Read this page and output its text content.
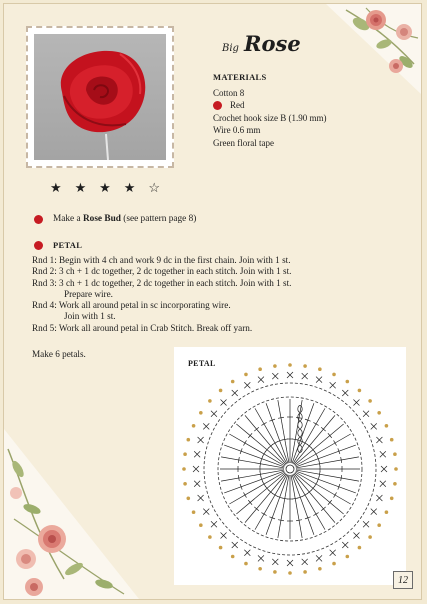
★ ★ ★ ★ ☆
Big Rose
MATERIALS
Cotton 8
Red
Crochet hook size B (1.90 mm)
Wire 0.6 mm
Green floral tape
Make a Rose Bud (see pattern page 8)
PETAL
Rnd 1: Begin with 4 ch and work 9 dc in the first chain. Join with 1 st.
Rnd 2: 3 ch + 1 dc together, 2 dc together in each stitch. Join with 1 st.
Rnd 3: 3 ch + 1 dc together, 2 dc together in each stitch. Join with 1 st.
Prepare wire.
Rnd 4: Work all around petal in sc incorporating wire.
Join with 1 st.
Rnd 5: Work all around petal in Crab Stitch. Break off yarn.
Make 6 petals.
PETAL
12
